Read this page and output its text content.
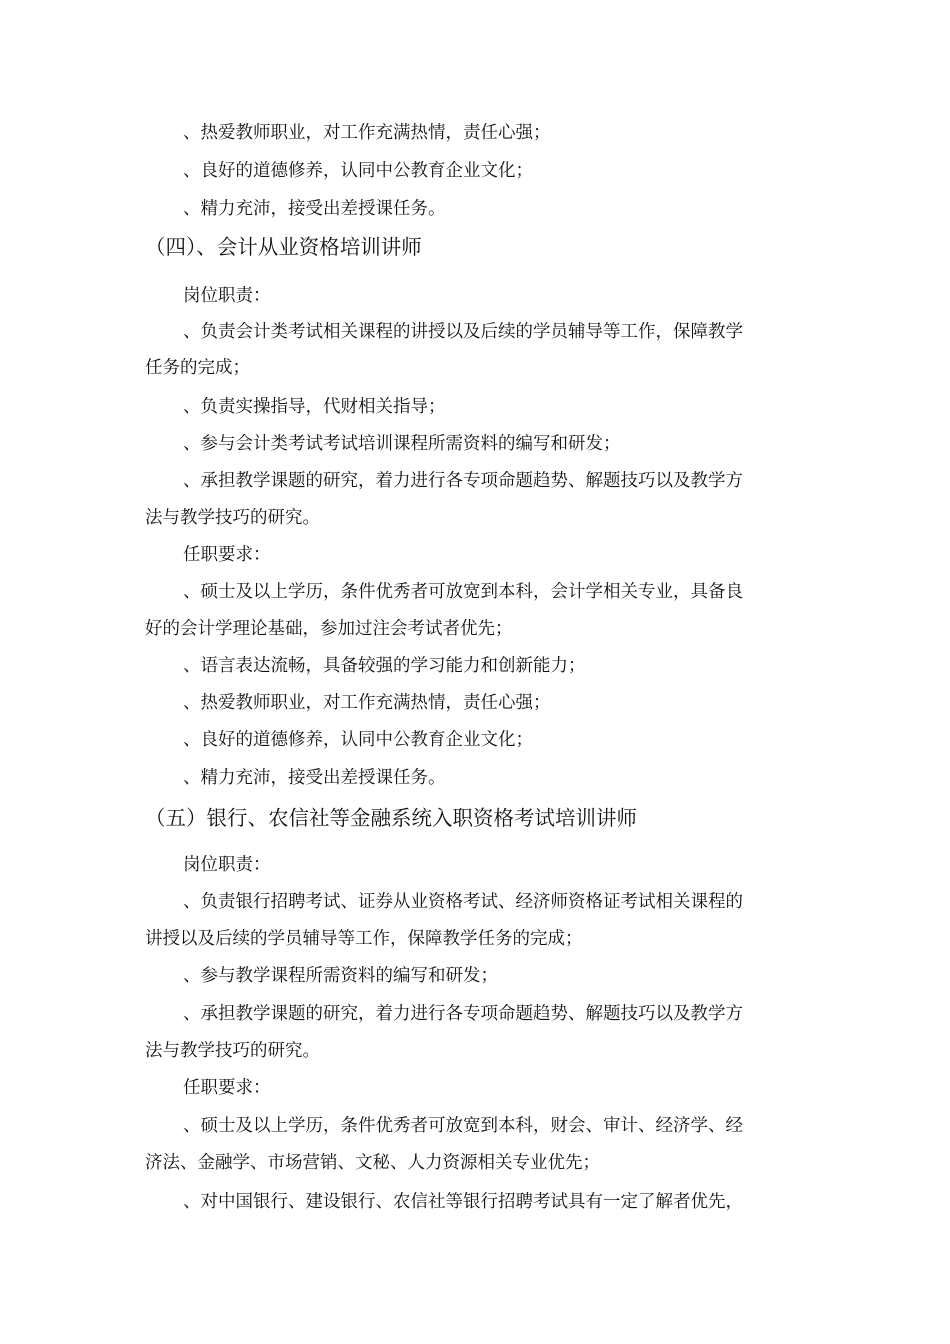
、热爱教师职业，对工作充满热情，责任心强；
、良好的道德修养，认同中公教育企业文化；
、精力充沛，接受出差授课任务。
（四）、会计从业资格培训讲师
岗位职责：
、负责会计类考试相关课程的讲授以及后续的学员辅导等工作，保障教学
任务的完成；
、负责实操指导，代财相关指导；
、参与会计类考试考试培训课程所需资料的编写和研发；
、承担教学课题的研究，着力进行各专项命题趋势、解题技巧以及教学方
法与教学技巧的研究。
任职要求：
、硕士及以上学历，条件优秀者可放宽到本科，会计学相关专业，具备良
好的会计学理论基础，参加过注会考试者优先；
、语言表达流畅，具备较强的学习能力和创新能力；
、热爱教师职业，对工作充满热情，责任心强；
、良好的道德修养，认同中公教育企业文化；
、精力充沛，接受出差授课任务。
（五）银行、农信社等金融系统入职资格考试培训讲师
岗位职责：
、负责银行招聘考试、证券从业资格考试、经济师资格证考试相关课程的
讲授以及后续的学员辅导等工作，保障教学任务的完成；
、参与教学课程所需资料的编写和研发；
、承担教学课题的研究，着力进行各专项命题趋势、解题技巧以及教学方
法与教学技巧的研究。
任职要求：
、硕士及以上学历，条件优秀者可放宽到本科，财会、审计、经济学、经
济法、金融学、市场营销、文秘、人力资源相关专业优先；
、对中国银行、建设银行、农信社等银行招聘考试具有一定了解者优先，
